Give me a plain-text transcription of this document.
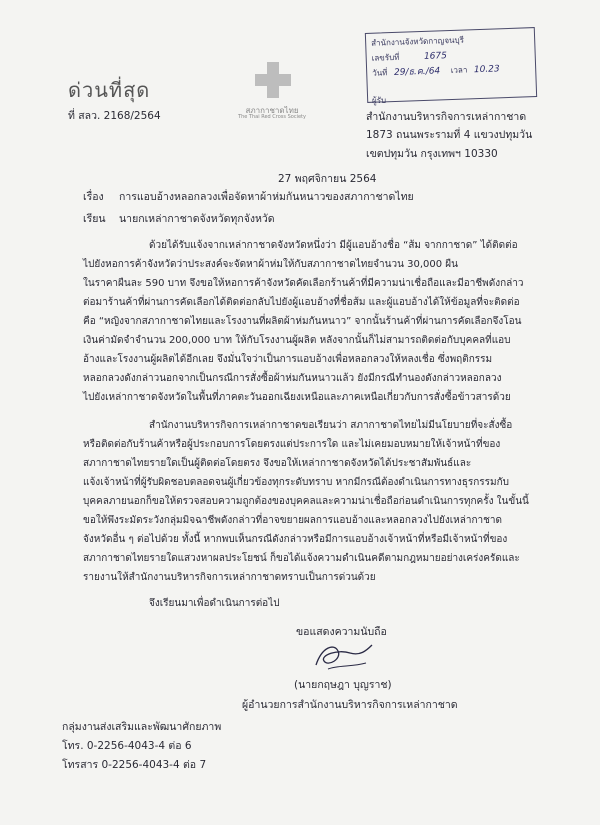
ด่วนที่สุด
ที่ สลว. 2168/2564	สภากาชาดไทย
The Thai Red Cross Society
สำนักงานจังหวัดกาญจนบุรี
เลขรับที่	1675
วันที่ 29/ธ.ค./64 เวลา 10.23
ผู้รับ
สำนักงานบริหารกิจการเหล่ากาชาด
1873 ถนนพระรามที่ 4 แขวงปทุมวัน
เขตปทุมวัน กรุงเทพฯ 10330
27 พฤศจิกายน 2564
เรื่อง การแอบอ้างหลอกลวงเพื่อจัดหาผ้าห่มกันหนาวของสภากาชาดไทย
เรียน นายกเหล่ากาชาดจังหวัดทุกจังหวัด
ด้วยได้รับแจ้งจากเหล่ากาชาดจังหวัดหนึ่งว่า มีผู้แอบอ้างชื่อ “ส้ม จากกาชาด” ได้ติดต่อ
ไปยังหอการค้าจังหวัดว่าประสงค์จะจัดหาผ้าห่มให้กับสภากาชาดไทยจำนวน 30,000 ผืน
ในราคาผืนละ 590 บาท จึงขอให้หอการค้าจังหวัดคัดเลือกร้านค้าที่มีความน่าเชื่อถือและมีอาชีพดังกล่าว
ต่อมาร้านค้าที่ผ่านการคัดเลือกได้ติดต่อกลับไปยังผู้แอบอ้างที่ชื่อส้ม และผู้แอบอ้างได้ให้ข้อมูลที่จะติดต่อ
คือ “หญิงจากสภากาชาดไทยและโรงงานที่ผลิตผ้าห่มกันหนาว” จากนั้นร้านค้าที่ผ่านการคัดเลือกจึงโอน
เงินค่ามัดจำจำนวน 200,000 บาท ให้กับโรงงานผู้ผลิต หลังจากนั้นก็ไม่สามารถติดต่อกับบุคคลที่แอบ
อ้างและโรงงานผู้ผลิตได้อีกเลย จึงมั่นใจว่าเป็นการแอบอ้างเพื่อหลอกลวงให้หลงเชื่อ ซึ่งพฤติกรรม
หลอกลวงดังกล่าวนอกจากเป็นกรณีการสั่งซื้อผ้าห่มกันหนาวแล้ว ยังมีกรณีทำนองดังกล่าวหลอกลวง
ไปยังเหล่ากาชาดจังหวัดในพื้นที่ภาคตะวันออกเฉียงเหนือและภาคเหนือเกี่ยวกับการสั่งซื้อข้าวสารด้วย
สำนักงานบริหารกิจการเหล่ากาชาดขอเรียนว่า สภากาชาดไทยไม่มีนโยบายที่จะสั่งซื้อ
หรือติดต่อกับร้านค้าหรือผู้ประกอบการโดยตรงแต่ประการใด และไม่เคยมอบหมายให้เจ้าหน้าที่ของ
สภากาชาดไทยรายใดเป็นผู้ติดต่อโดยตรง จึงขอให้เหล่ากาชาดจังหวัดได้ประชาสัมพันธ์และ
แจ้งเจ้าหน้าที่ผู้รับผิดชอบตลอดจนผู้เกี่ยวข้องทุกระดับทราบ หากมีกรณีต้องดำเนินการทางธุรกรรมกับ
บุคคลภายนอกก็ขอให้ตรวจสอบความถูกต้องของบุคคลและความน่าเชื่อถือก่อนดำเนินการทุกครั้ง ในขั้นนี้
ขอให้พึงระมัดระวังกลุ่มมิจฉาชีพดังกล่าวที่อาจขยายผลการแอบอ้างและหลอกลวงไปยังเหล่ากาชาด
จังหวัดอื่น ๆ ต่อไปด้วย ทั้งนี้ หากพบเห็นกรณีดังกล่าวหรือมีการแอบอ้างเจ้าหน้าที่หรือมีเจ้าหน้าที่ของ
สภากาชาดไทยรายใดแสวงหาผลประโยชน์ ก็ขอได้แจ้งความดำเนินคดีตามกฎหมายอย่างเคร่งครัดและ
รายงานให้สำนักงานบริหารกิจการเหล่ากาชาดทราบเป็นการด่วนด้วย
จึงเรียนมาเพื่อดำเนินการต่อไป
ขอแสดงความนับถือ
(นายกฤษฎา บุญราช)
ผู้อำนวยการสำนักงานบริหารกิจการเหล่ากาชาด
กลุ่มงานส่งเสริมและพัฒนาศักยภาพ
โทร. 0-2256-4043-4 ต่อ 6
โทรสาร 0-2256-4043-4 ต่อ 7
